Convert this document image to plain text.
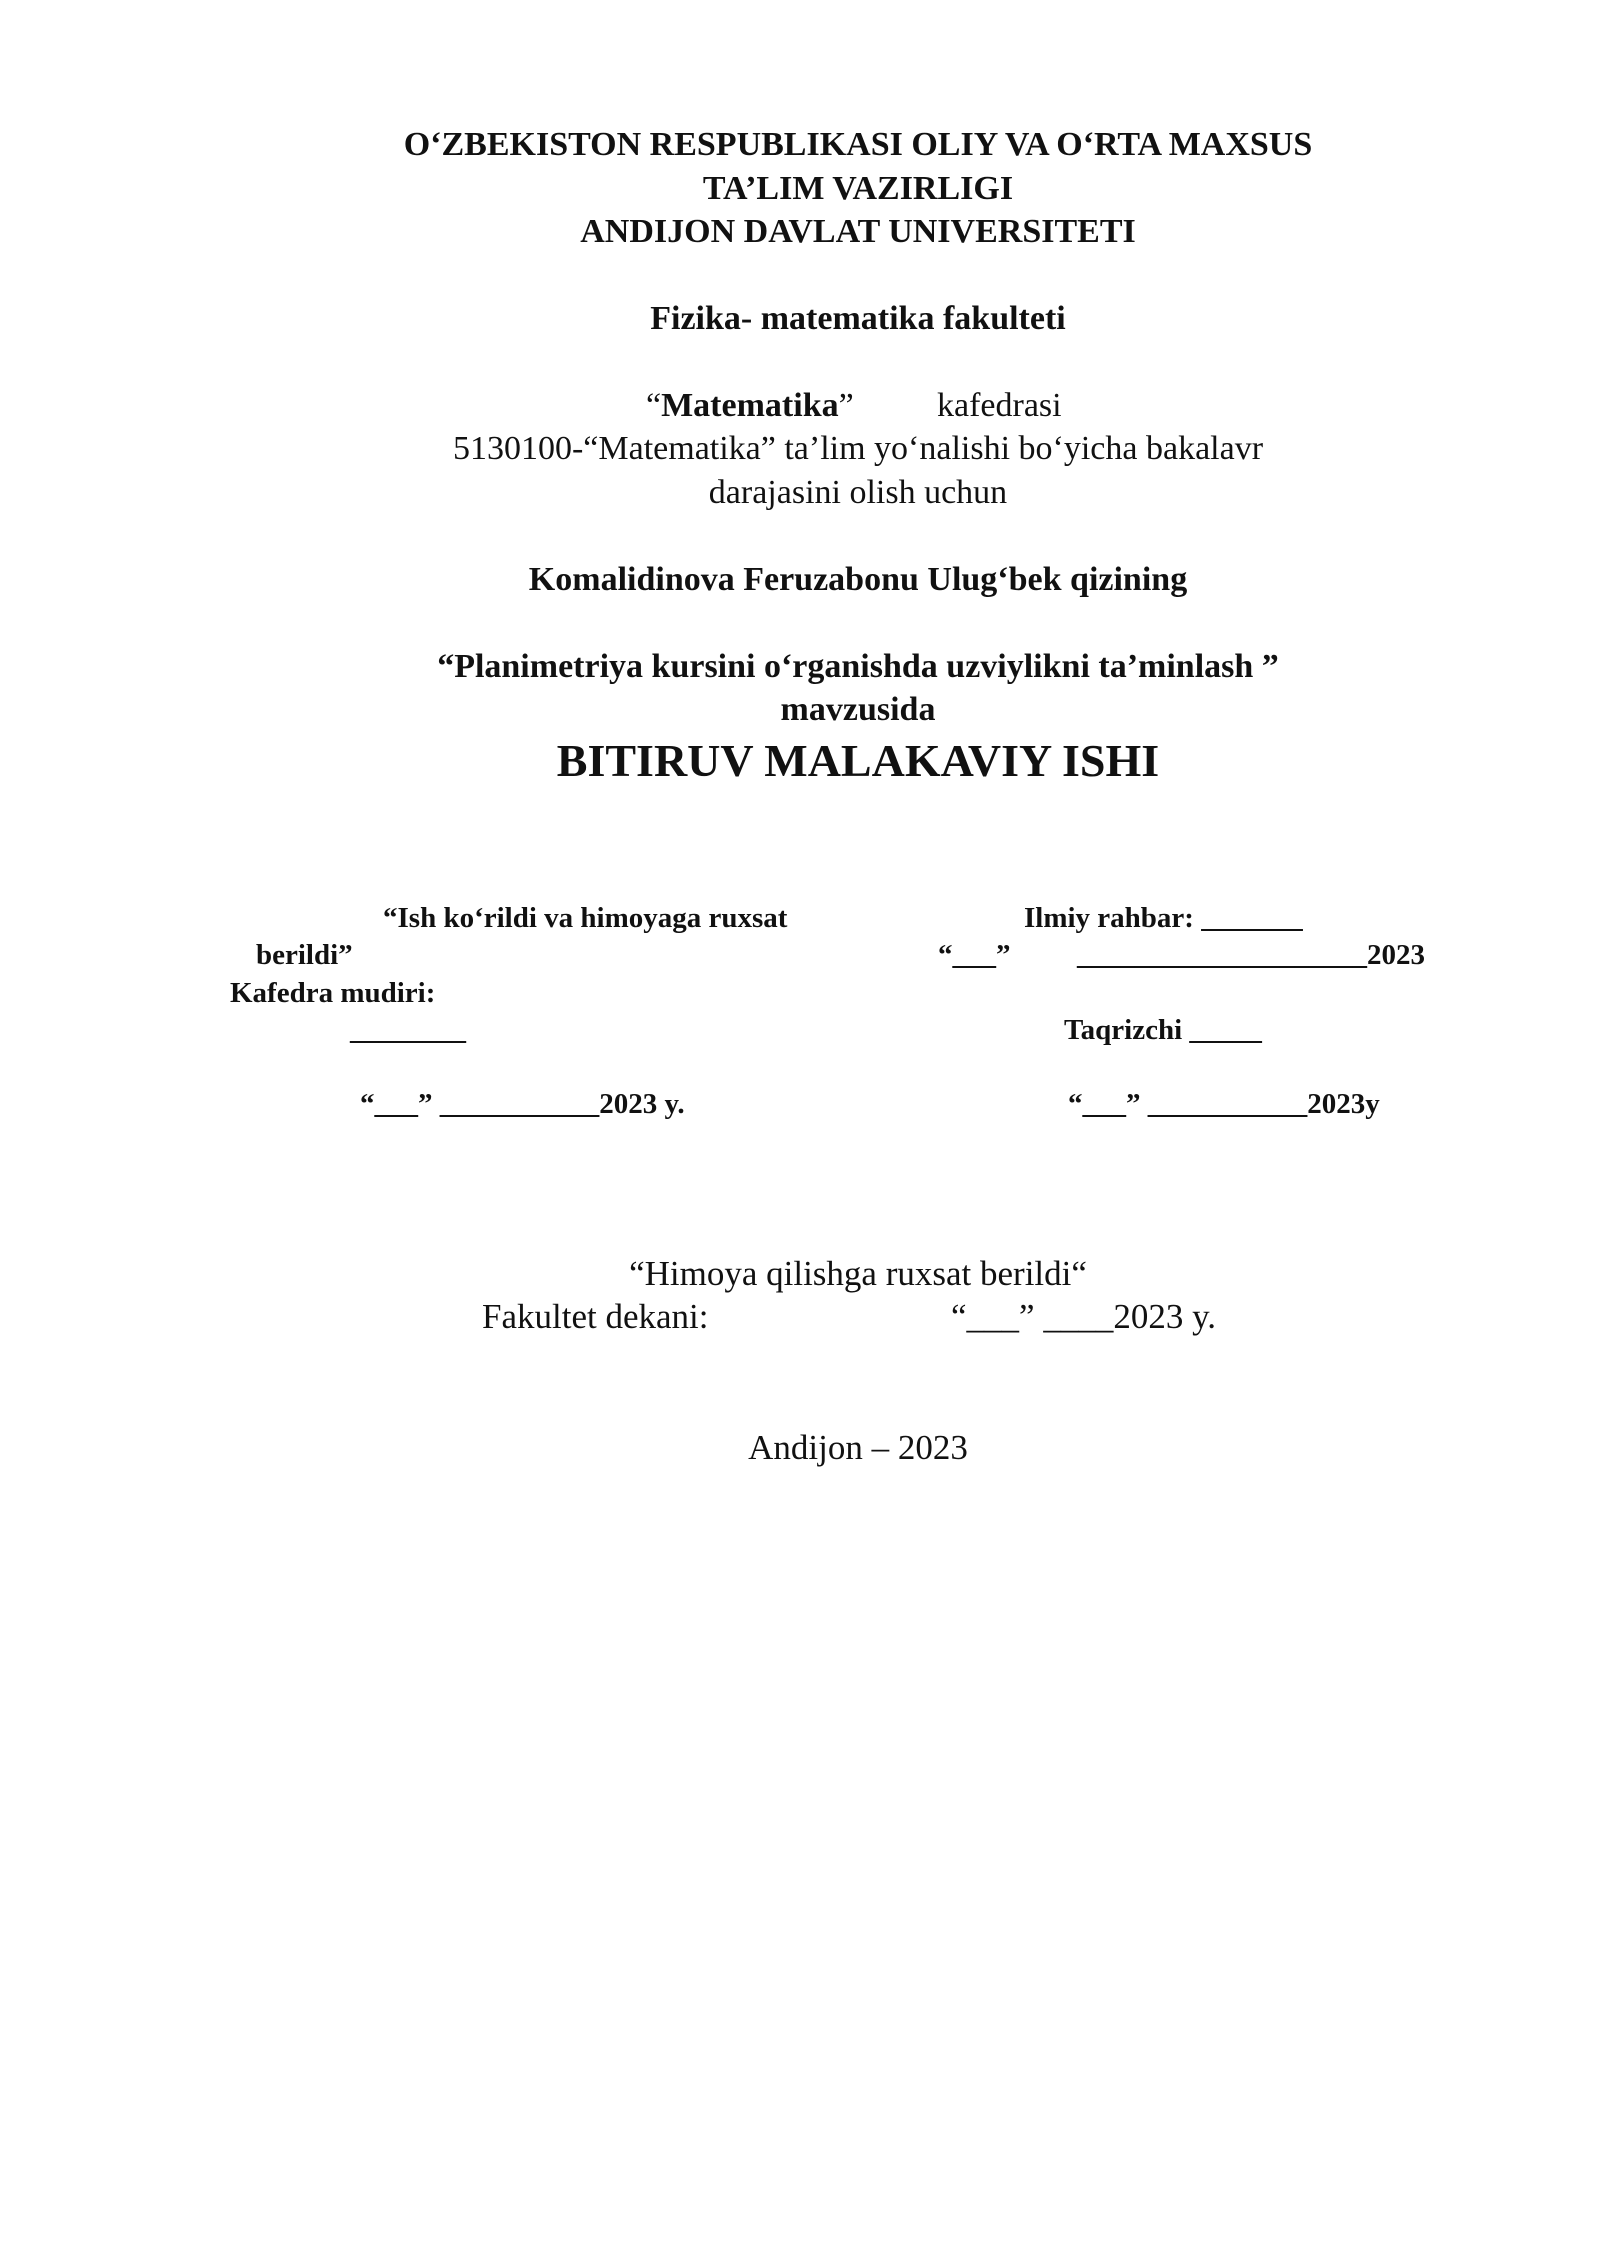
O‘ZBEKISTON RESPUBLIKASI OLIY VA O‘RTA MAXSUS
TA’LIM VAZIRLIGI
ANDIJON DAVLAT UNIVERSITETI
Fizika- matematika fakulteti
“Matematika” kafedrasi
5130100-“Matematika” ta’lim yo‘nalishi bo‘yicha bakalavr
darajasini olish uchun
Komalidinova Feruzabonu Ulug‘bek qizining
“Planimetriya kursini o‘rganishda uzviylikni ta’minlash ”
mavzusida
BITIRUV MALAKAVIY ISHI
“Ish ko‘rildi va himoyaga ruxsat
berildi”
Kafedra mudiri:
________
“___” ___________2023 y.
Ilmiy rahbar: _______
“___” ____________________2023
Taqrizchi _____
“___” ___________2023y
“Himoya qilishga ruxsat berildi“
Fakultet dekani:	“___” ____2023 y.
Andijon – 2023
